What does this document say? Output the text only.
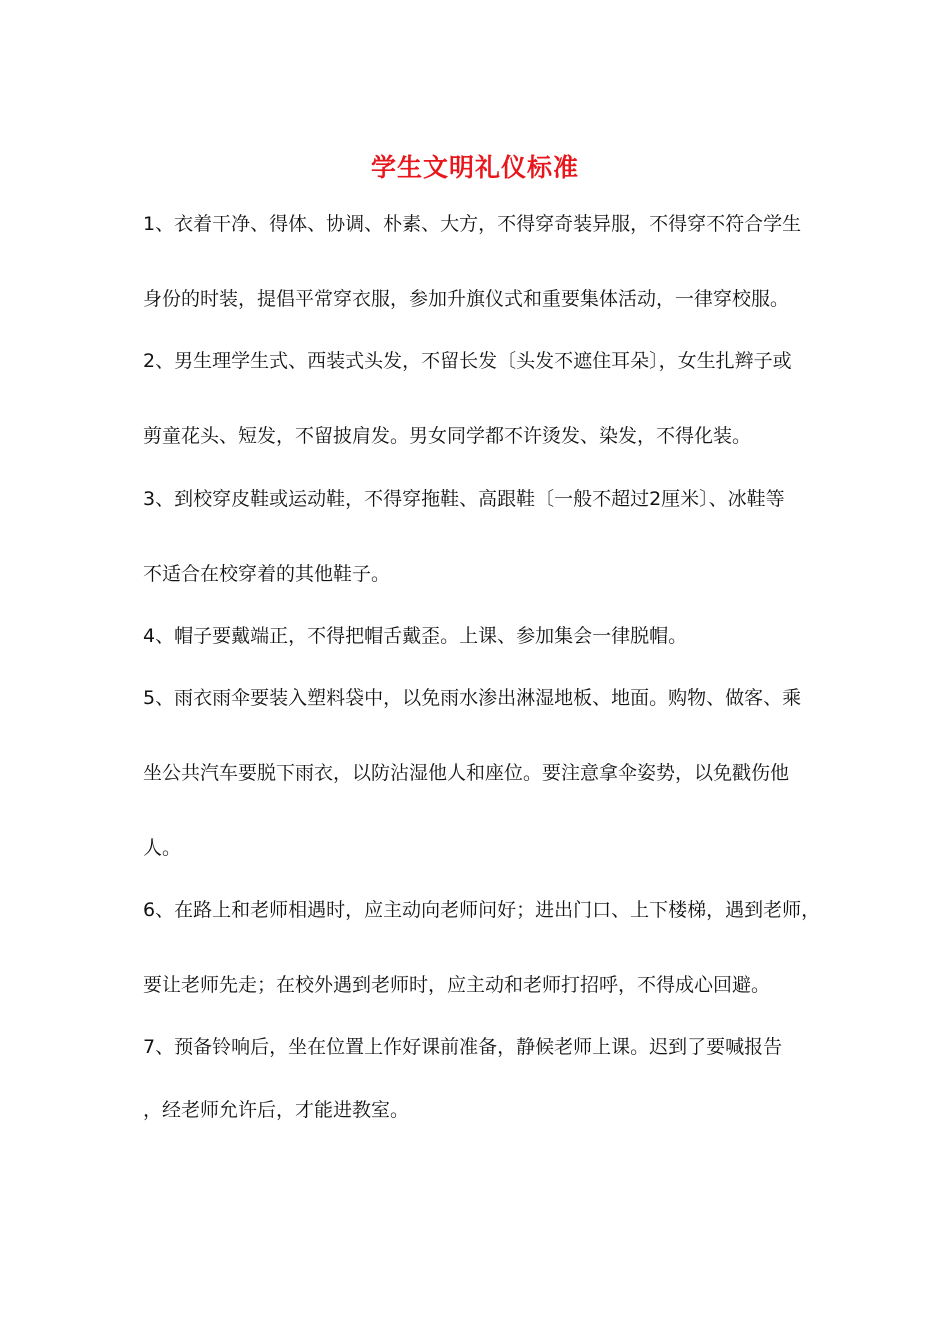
学生文明礼仪标准
1、衣着干净、得体、协调、朴素、大方，不得穿奇装异服，不得穿不符合学生
身份的时装，提倡平常穿衣服，参加升旗仪式和重要集体活动，一律穿校服。
2、男生理学生式、西装式头发，不留长发〔头发不遮住耳朵〕，女生扎辫子或
剪童花头、短发，不留披肩发。男女同学都不许烫发、染发，不得化装。
3、到校穿皮鞋或运动鞋，不得穿拖鞋、高跟鞋〔一般不超过2厘米〕、冰鞋等
不适合在校穿着的其他鞋子。
4、帽子要戴端正，不得把帽舌戴歪。上课、参加集会一律脱帽。
5、雨衣雨伞要装入塑料袋中，以免雨水渗出淋湿地板、地面。购物、做客、乘
坐公共汽车要脱下雨衣，以防沾湿他人和座位。要注意拿伞姿势，以免戳伤他
人。
6、在路上和老师相遇时，应主动向老师问好；进出门口、上下楼梯，遇到老师，
要让老师先走；在校外遇到老师时，应主动和老师打招呼，不得成心回避。
7、预备铃响后，坐在位置上作好课前准备，静候老师上课。迟到了要喊报告
，经老师允许后，才能进教室。
